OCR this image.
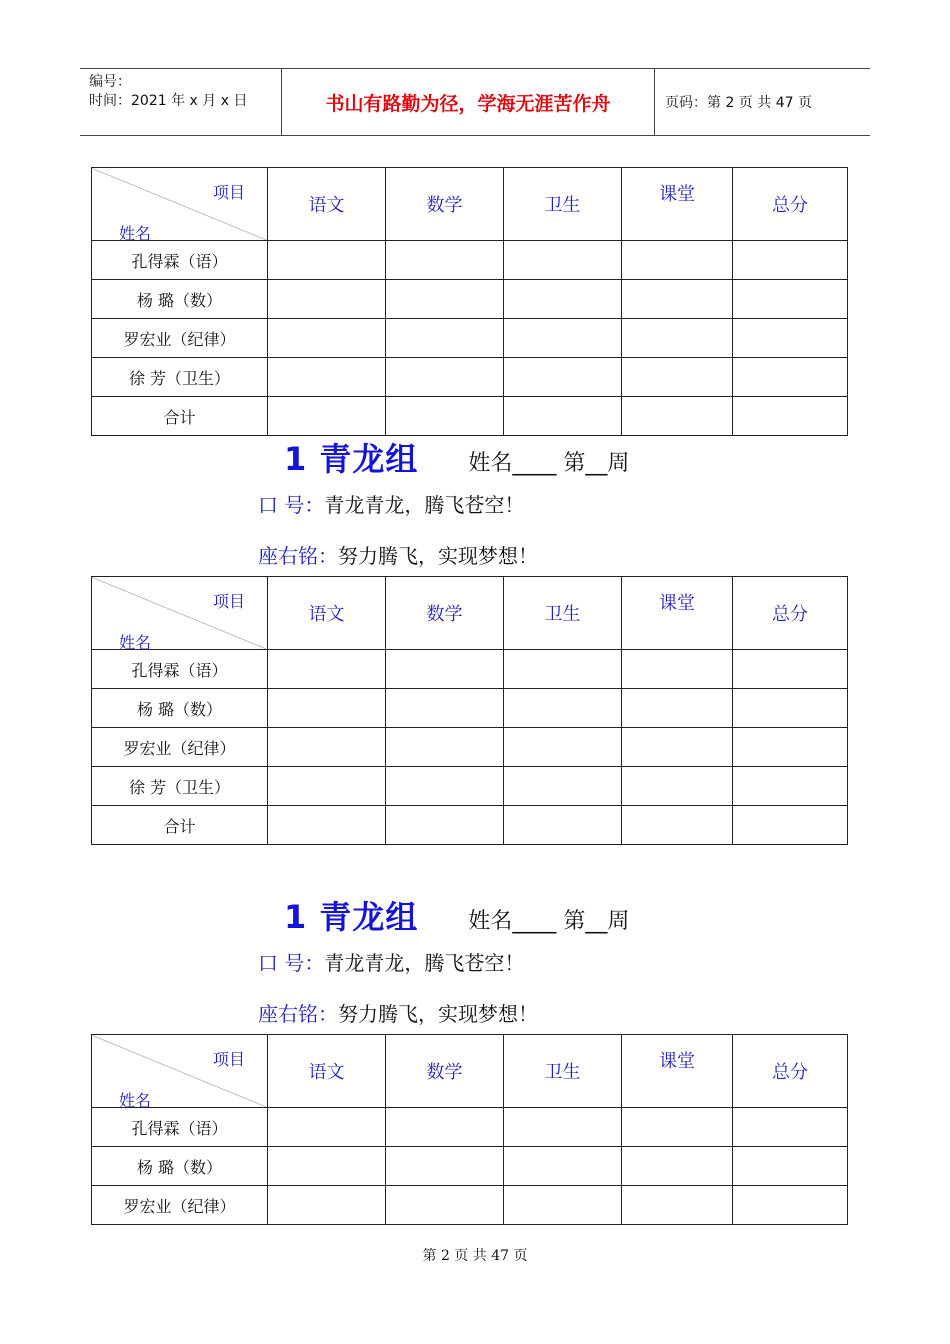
编号：
时间：2021 年 x 月 x 日	书山有路勤为径，学海无涯苦作舟	页码：第 2 页 共 47 页
项目
姓名	语文	数学	卫生	课堂	总分
孔得霖（语）					
杨 璐（数）					
罗宏业（纪律）					
徐 芳（卫生）					
合计					
1 青龙组 姓名____ 第__周
口 号：青龙青龙，腾飞苍空！
座右铭：努力腾飞，实现梦想！
项目
姓名	语文	数学	卫生	课堂	总分
孔得霖（语）					
杨 璐（数）					
罗宏业（纪律）					
徐 芳（卫生）					
合计					
1 青龙组 姓名____ 第__周
口 号：青龙青龙，腾飞苍空！
座右铭：努力腾飞，实现梦想！
项目
姓名	语文	数学	卫生	课堂	总分
孔得霖（语）					
杨 璐（数）					
罗宏业（纪律）					
第 2 页 共 47 页
